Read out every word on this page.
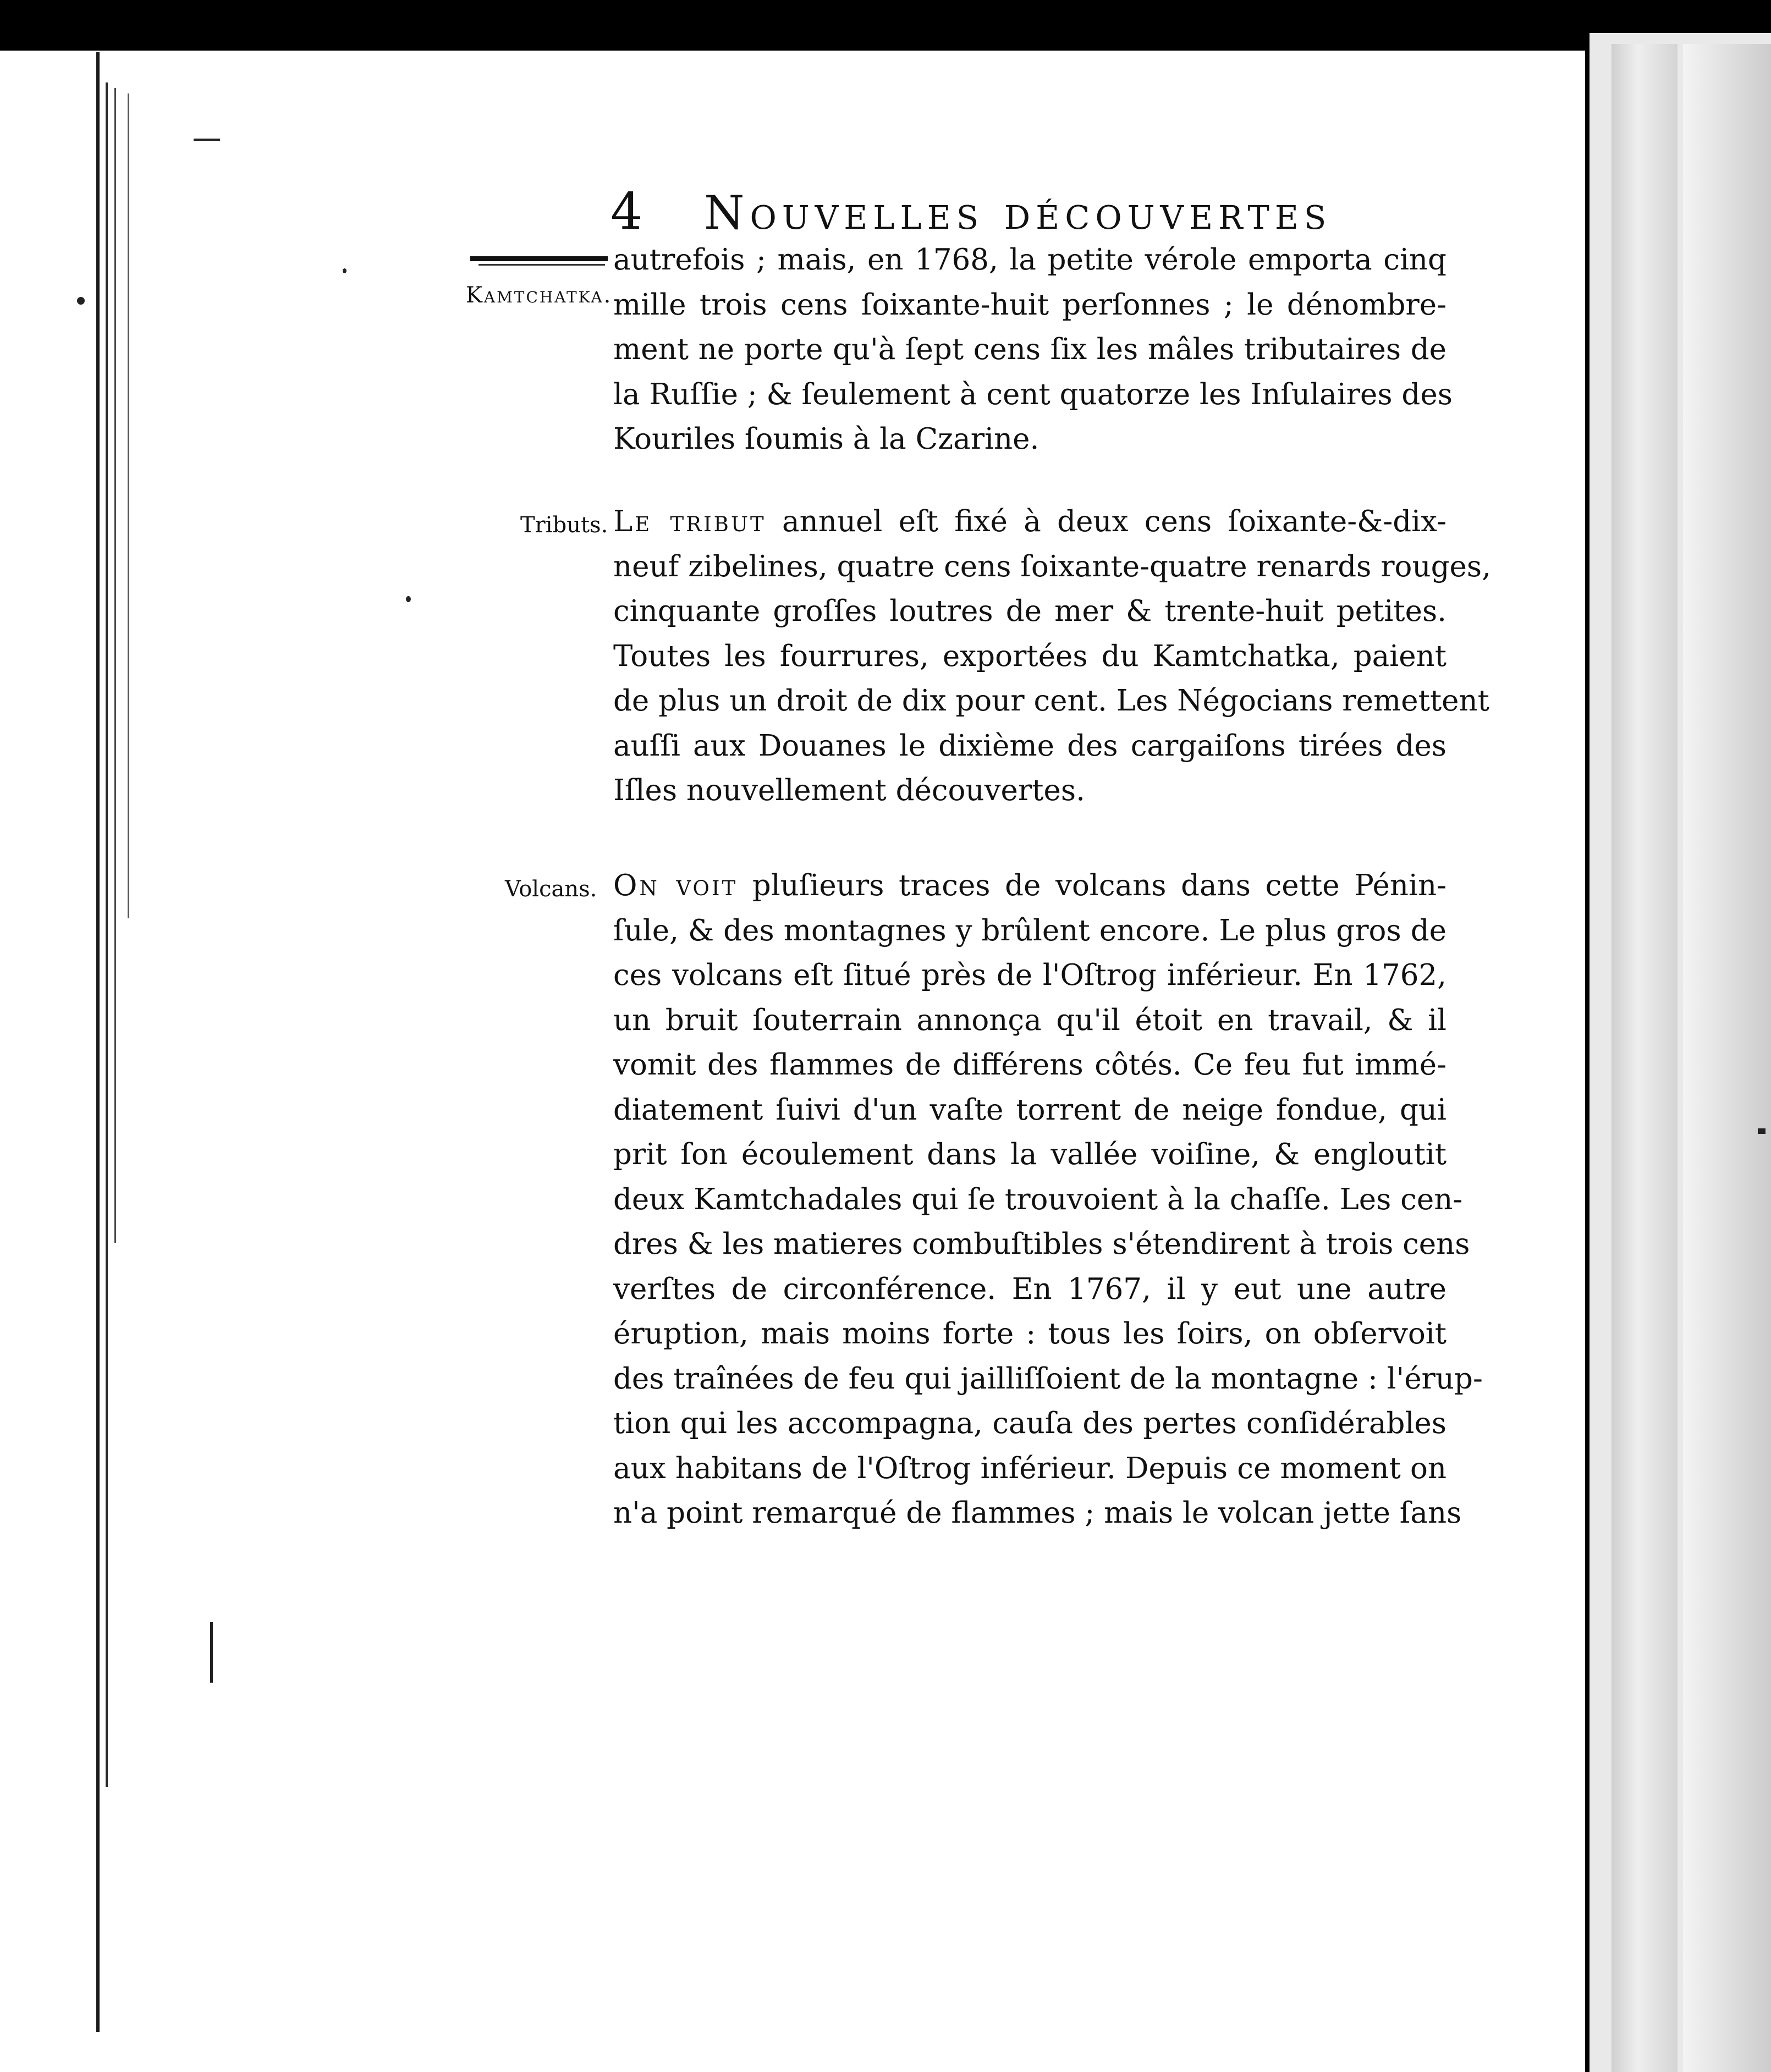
4 Nouvelles découvertes
Kamtchatka.
Tributs.
Volcans.
autrefois ; mais, en 1768, la petite vérole emporta cinq
mille trois cens ſoixante-huit perſonnes ; le dénombre-
ment ne porte qu'à ſept cens ſix les mâles tributaires de
la Ruſſie ; & ſeulement à cent quatorze les Inſulaires des
Kouriles ſoumis à la Czarine.
Le tribut annuel eſt fixé à deux cens ſoixante-&-dix-
neuf zibelines, quatre cens ſoixante-quatre renards rouges,
cinquante groſſes loutres de mer & trente-huit petites.
Toutes les fourrures, exportées du Kamtchatka, paient
de plus un droit de dix pour cent. Les Négocians remettent
auſſi aux Douanes le dixième des cargaiſons tirées des
Iſles nouvellement découvertes.
On voit pluſieurs traces de volcans dans cette Pénin-
ſule, & des montagnes y brûlent encore. Le plus gros de
ces volcans eſt ſitué près de l'Oſtrog inférieur. En 1762,
un bruit ſouterrain annonça qu'il étoit en travail, & il
vomit des flammes de différens côtés. Ce feu fut immé-
diatement ſuivi d'un vaſte torrent de neige fondue, qui
prit ſon écoulement dans la vallée voiſine, & engloutit
deux Kamtchadales qui ſe trouvoient à la chaſſe. Les cen-
dres & les matieres combuſtibles s'étendirent à trois cens
verſtes de circonférence. En 1767, il y eut une autre
éruption, mais moins forte : tous les ſoirs, on obſervoit
des traînées de feu qui jailliſſoient de la montagne : l'érup-
tion qui les accompagna, cauſa des pertes conſidérables
aux habitans de l'Oſtrog inférieur. Depuis ce moment on
n'a point remarqué de flammes ; mais le volcan jette ſans
